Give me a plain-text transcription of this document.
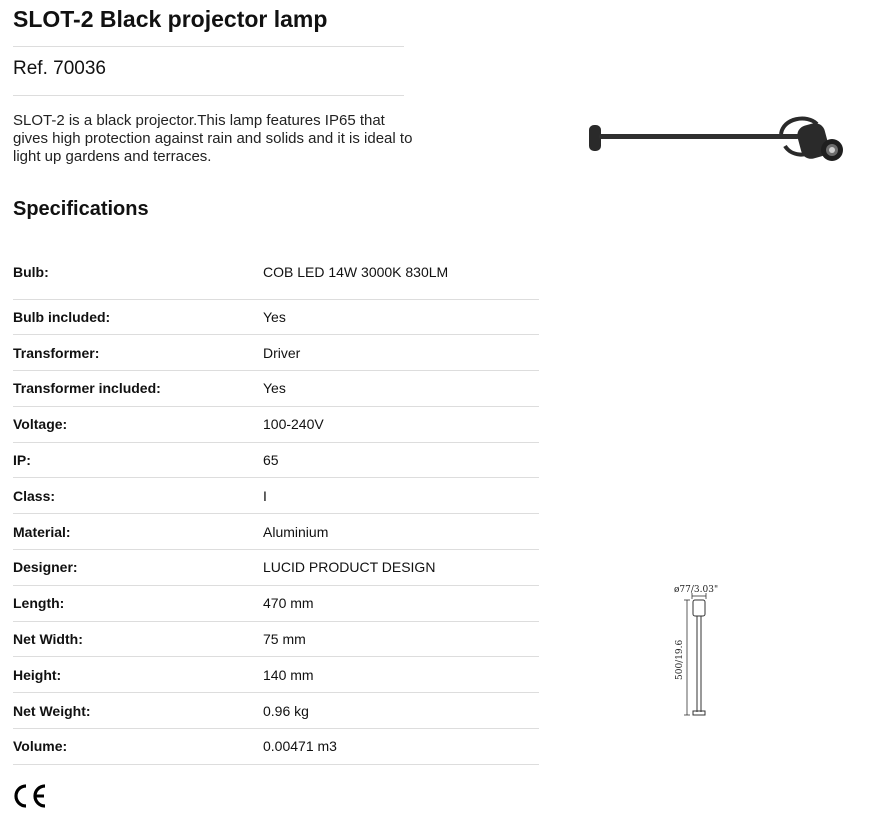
SLOT-2 Black projector lamp
Ref. 70036

SLOT-2 is a black projector.This lamp features IP65 that gives high protection against rain and solids and it is ideal to light up gardens and terraces.

Specifications
Bulb:	COB LED 14W 3000K 830LM
Bulb included:	Yes
Transformer:	Driver
Transformer included:	Yes
Voltage:	100-240V
IP:	65
Class:	I
Material:	Aluminium
Designer:	LUCID PRODUCT DESIGN
Length:	470 mm
Net Width:	75 mm
Height:	140 mm
Net Weight:	0.96 kg
Volume:	0.00471 m3
ø77/3.03"
500/19.6
